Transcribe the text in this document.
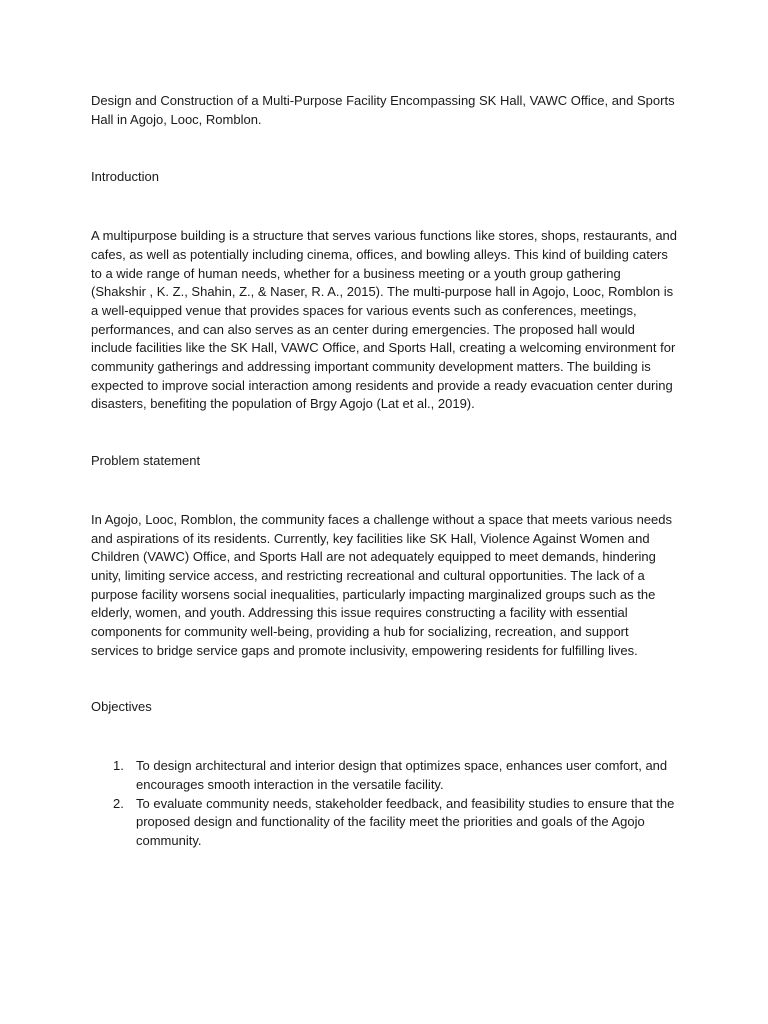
Design and Construction of a Multi-Purpose Facility Encompassing SK Hall, VAWC Office, and Sports Hall in Agojo, Looc, Romblon.

Introduction

A multipurpose building is a structure that serves various functions like stores, shops, restaurants, and cafes, as well as potentially including cinema, offices, and bowling alleys. This kind of building caters to a wide range of human needs, whether for a business meeting or a youth group gathering (Shakshir , K. Z., Shahin, Z., & Naser, R. A., 2015). The multi-purpose hall in Agojo, Looc, Romblon is a well-equipped venue that provides spaces for various events such as conferences, meetings, performances, and can also serves as an center during emergencies. The proposed hall would include facilities like the SK Hall, VAWC Office, and Sports Hall, creating a welcoming environment for community gatherings and addressing important community development matters. The building is expected to improve social interaction among residents and provide a ready evacuation center during disasters, benefiting the population of Brgy Agojo (Lat et al., 2019).

Problem statement

In Agojo, Looc, Romblon, the community faces a challenge without a space that meets various needs and aspirations of its residents. Currently, key facilities like SK Hall, Violence Against Women and Children (VAWC) Office, and Sports Hall are not adequately equipped to meet demands, hindering unity, limiting service access, and restricting recreational and cultural opportunities. The lack of a purpose facility worsens social inequalities, particularly impacting marginalized groups such as the elderly, women, and youth. Addressing this issue requires constructing a facility with essential components for community well-being, providing a hub for socializing, recreation, and support services to bridge service gaps and promote inclusivity, empowering residents for fulfilling lives.

Objectives

1. To design architectural and interior design that optimizes space, enhances user comfort, and encourages smooth interaction in the versatile facility.
2. To evaluate community needs, stakeholder feedback, and feasibility studies to ensure that the proposed design and functionality of the facility meet the priorities and goals of the Agojo community.
